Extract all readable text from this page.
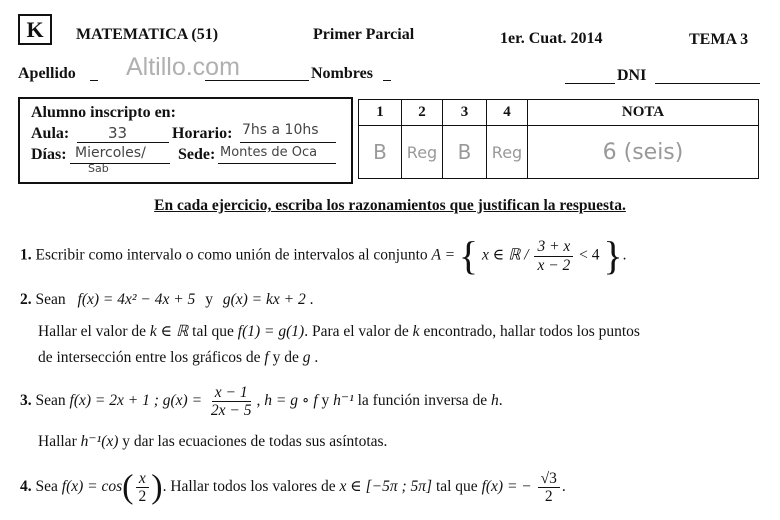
K	MATEMATICA (51)	Primer Parcial	1er. Cuat. 2014	TEMA 3
Apellido Altillo.com	Nombres	DNI
Alumno inscripto en:
Aula:	33	Horario: 7hs a 10hs
Días: Miercoles/
Sab
Sede: Montes de Oca
1	2	3	4	NOTA
B	Reg	B	Reg	6 (seis)
En cada ejercicio, escriba los razonamientos que justifican la respuesta.
1. Escribir como intervalo o como unión de intervalos al conjunto A = { x ∈ ℝ / $\frac{3 + x}{x - 2} < 4$ }.
2. Sean f(x) = 4x² − 4x + 5 y g(x) = kx + 2 .
Hallar el valor de k ∈ ℝ tal que f(1) = g(1). Para el valor de k encontrado, hallar todos los puntos
de intersección entre los gráficos de f y de g .
3. Sean f(x) = 2x + 1 ; $g(x) = \frac{x - 1}{2x - 5}$ , h = g ∘ f y h⁻¹ la función inversa de h.
Hallar h⁻¹(x) y dar las ecuaciones de todas sus asíntotas.
4. Sea $f(x) = \cos( \frac{x}{2}$ ). Hallar todos los valores de x ∈ [−5π ; 5π] tal que f(x) = − $\frac{√3}{2}$ .
